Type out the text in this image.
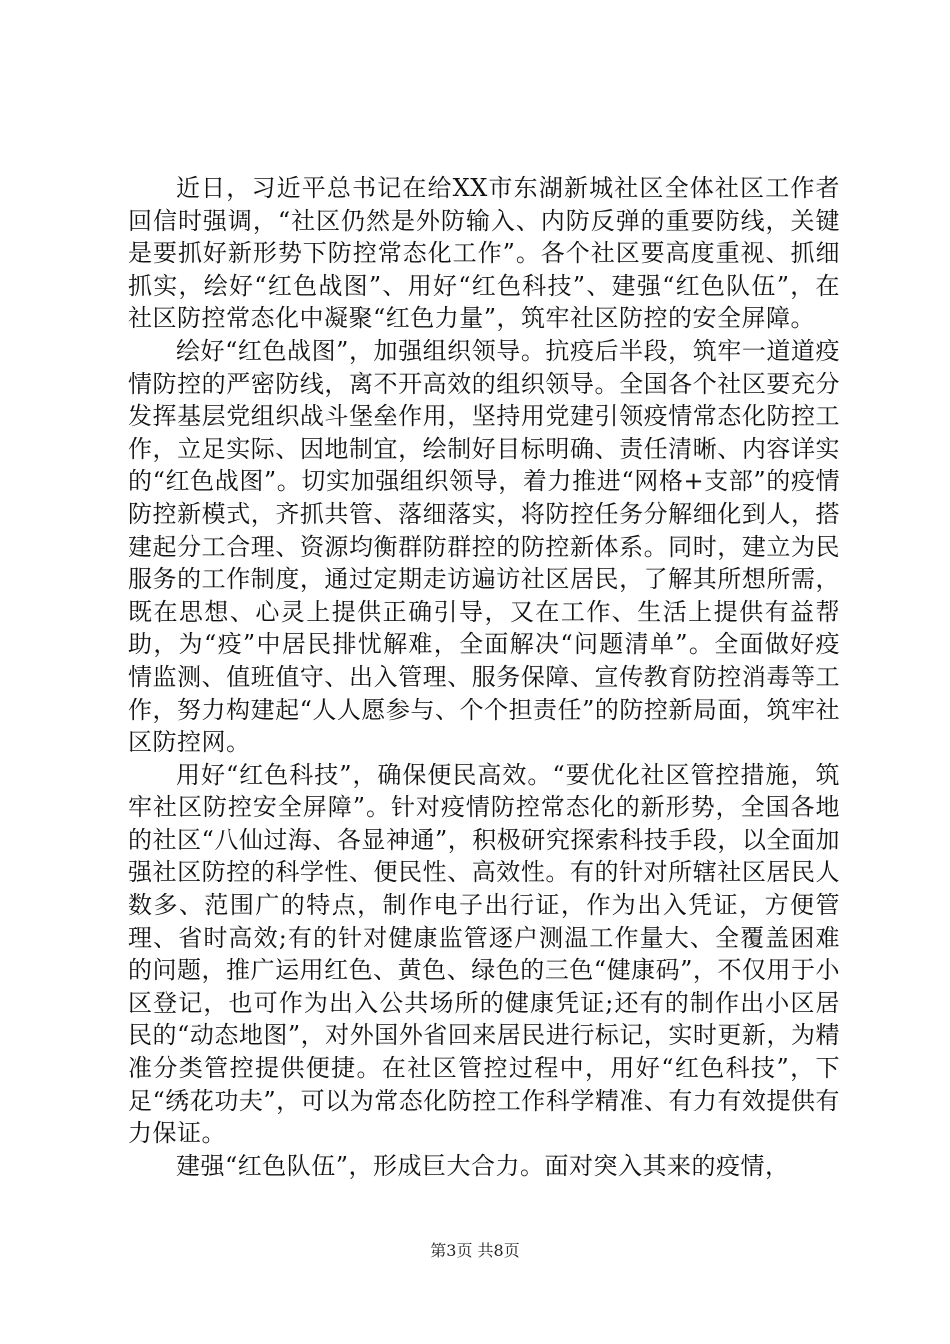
近日，习近平总书记在给XX市东湖新城社区全体社区工作者回信时强调，“社区仍然是外防输入、内防反弹的重要防线，关键是要抓好新形势下防控常态化工作”。各个社区要高度重视、抓细抓实，绘好“红色战图”、用好“红色科技”、建强“红色队伍”，在社区防控常态化中凝聚“红色力量”，筑牢社区防控的安全屏障。

绘好“红色战图”，加强组织领导。抗疫后半段，筑牢一道道疫情防控的严密防线，离不开高效的组织领导。全国各个社区要充分发挥基层党组织战斗堡垒作用，坚持用党建引领疫情常态化防控工作，立足实际、因地制宜，绘制好目标明确、责任清晰、内容详实的“红色战图”。切实加强组织领导，着力推进“网格+支部”的疫情防控新模式，齐抓共管、落细落实，将防控任务分解细化到人，搭建起分工合理、资源均衡群防群控的防控新体系。同时，建立为民服务的工作制度，通过定期走访遍访社区居民，了解其所想所需，既在思想、心灵上提供正确引导，又在工作、生活上提供有益帮助，为“疫”中居民排忧解难，全面解决“问题清单”。全面做好疫情监测、值班值守、出入管理、服务保障、宣传教育防控消毒等工作，努力构建起“人人愿参与、个个担责任”的防控新局面，筑牢社区防控网。

用好“红色科技”，确保便民高效。“要优化社区管控措施，筑牢社区防控安全屏障”。针对疫情防控常态化的新形势，全国各地的社区“八仙过海、各显神通”，积极研究探索科技手段，以全面加强社区防控的科学性、便民性、高效性。有的针对所辖社区居民人数多、范围广的特点，制作电子出行证，作为出入凭证，方便管理、省时高效;有的针对健康监管逐户测温工作量大、全覆盖困难的问题，推广运用红色、黄色、绿色的三色“健康码”，不仅用于小区登记，也可作为出入公共场所的健康凭证;还有的制作出小区居民的“动态地图”，对外国外省回来居民进行标记，实时更新，为精准分类管控提供便捷。在社区管控过程中，用好“红色科技”，下足“绣花功夫”，可以为常态化防控工作科学精准、有力有效提供有力保证。

建强“红色队伍”，形成巨大合力。面对突入其来的疫情，

第3页 共8页
